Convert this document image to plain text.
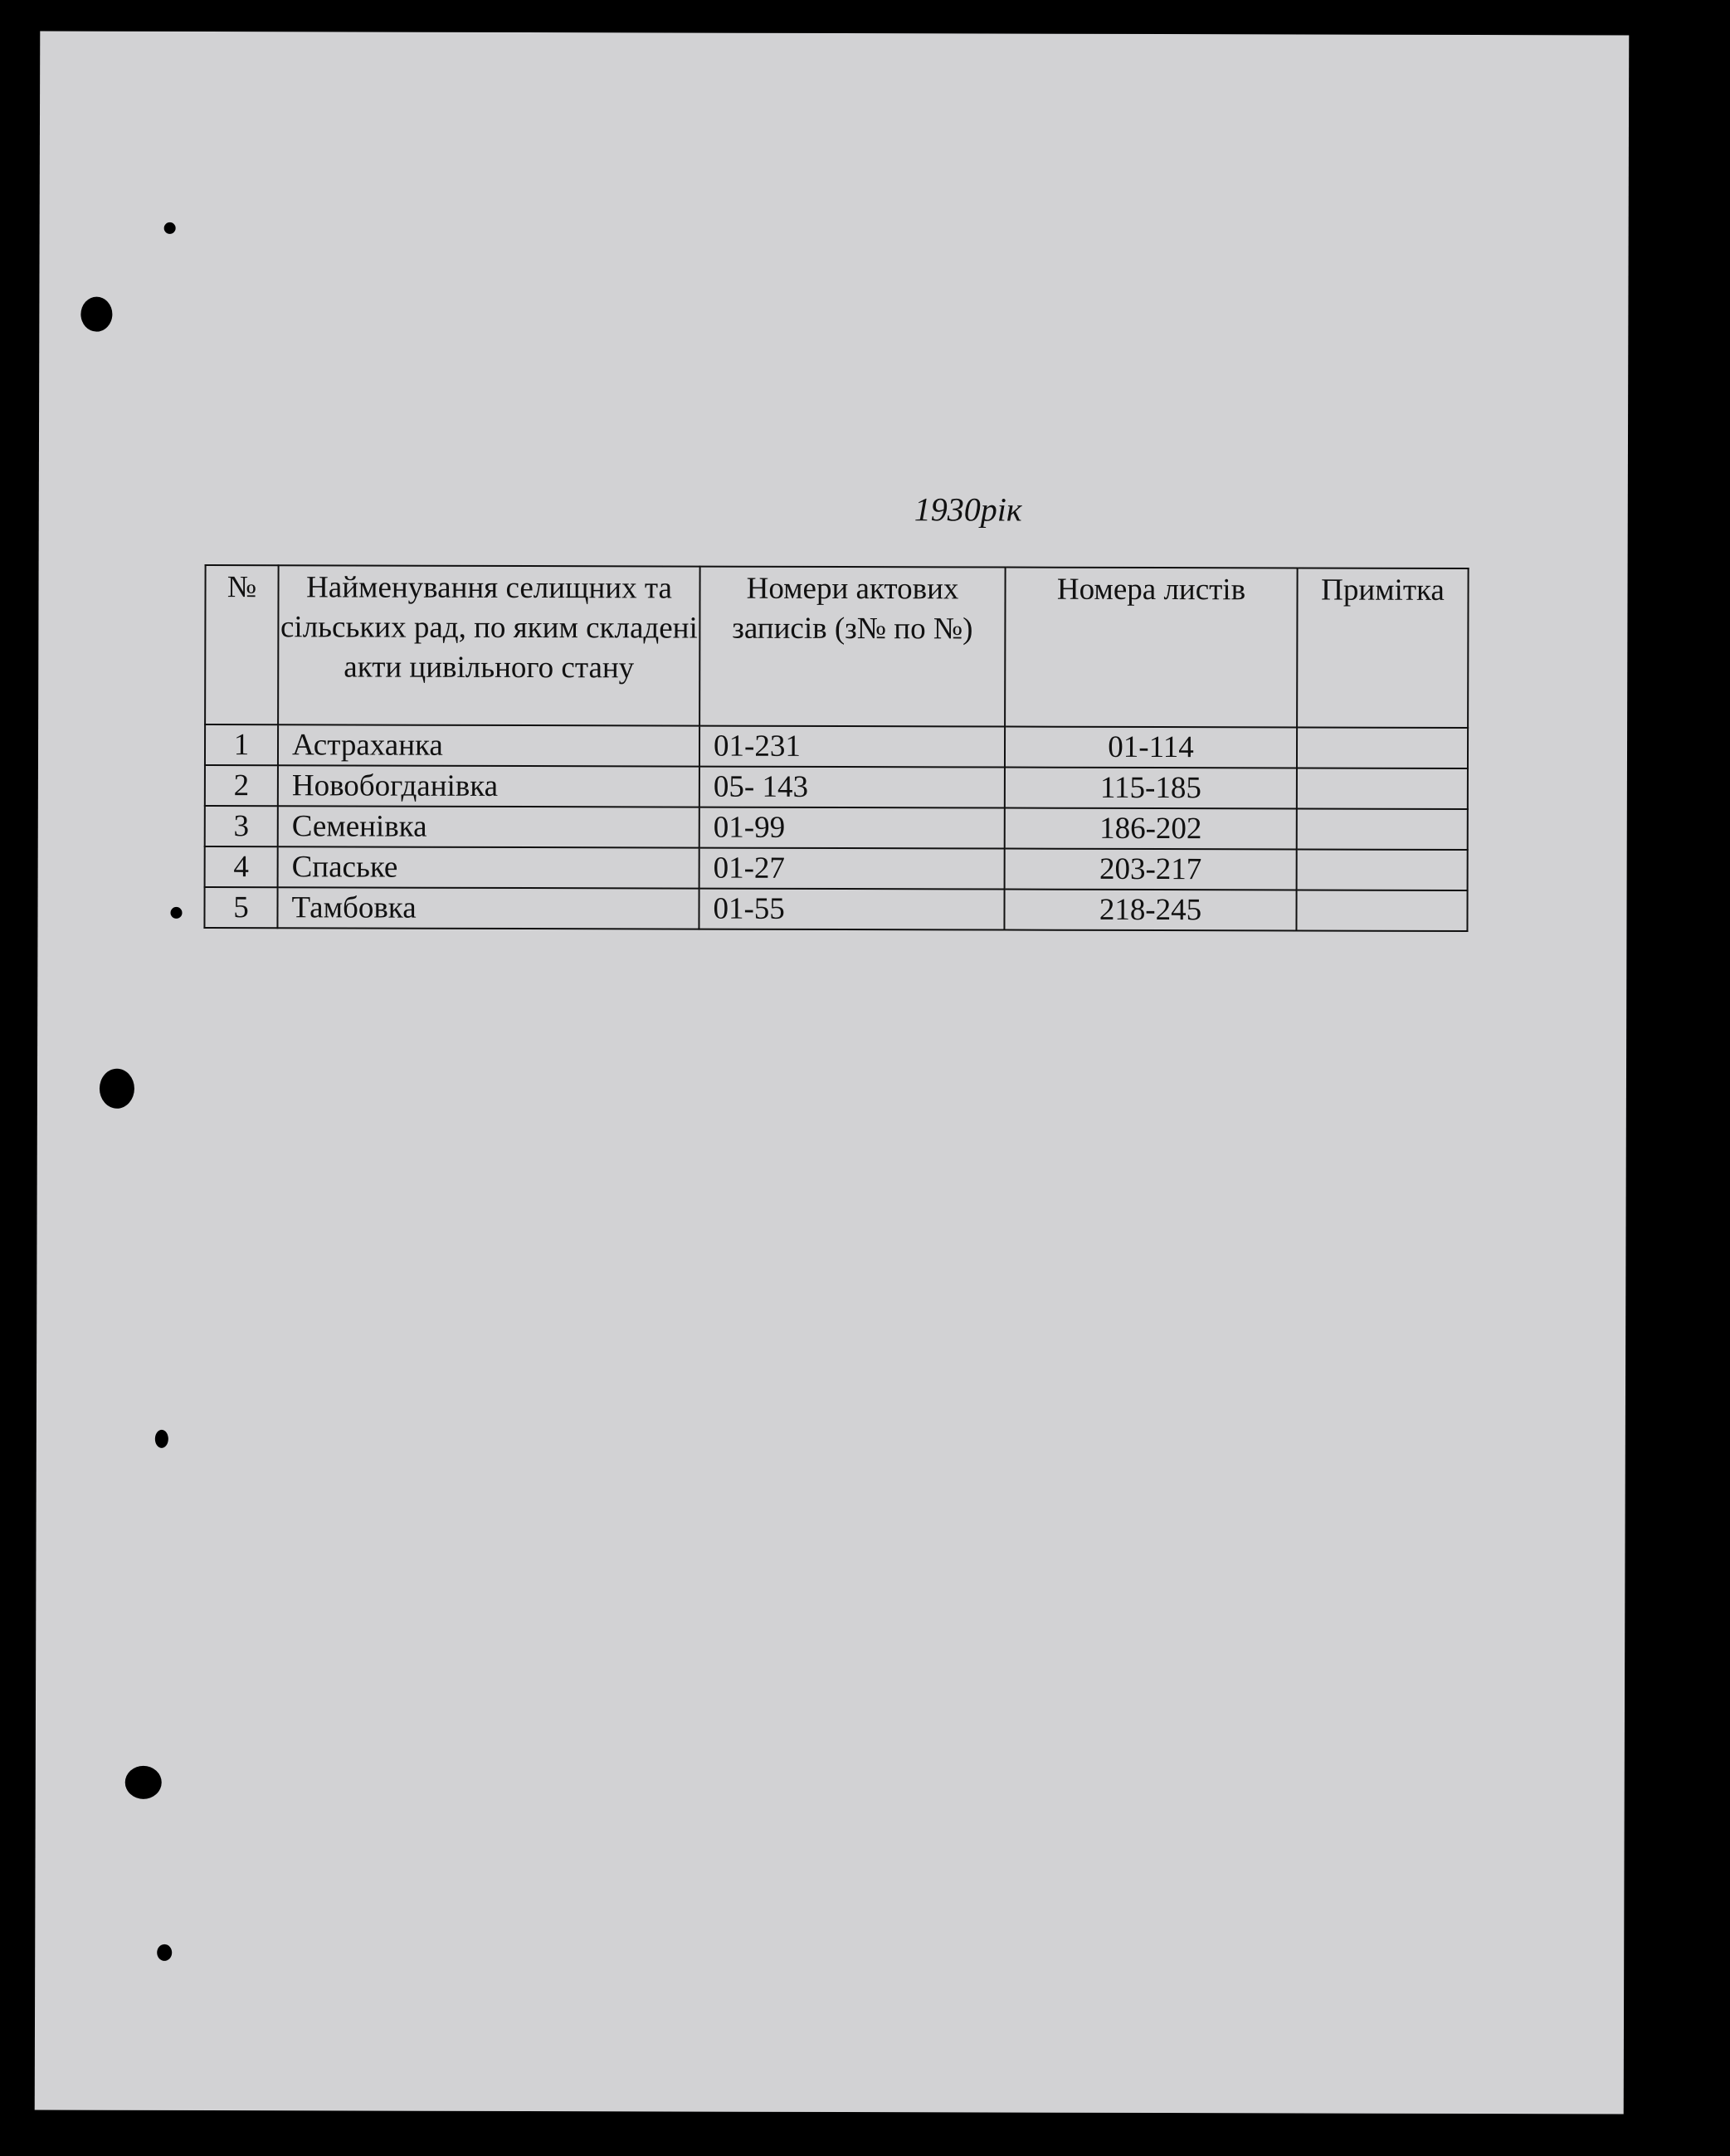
1930рік
№	Найменування селищних та сільських рад, по яким складені акти цивільного стану	Номери актових записів (з№ по №)	Номера листів	Примітка
1	Астраханка	01-231	01-114	
2	Новобогданівка	05- 143	115-185	
3	Семенівка	01-99	186-202	
4	Спаське	01-27	203-217	
5	Тамбовка	01-55	218-245	
